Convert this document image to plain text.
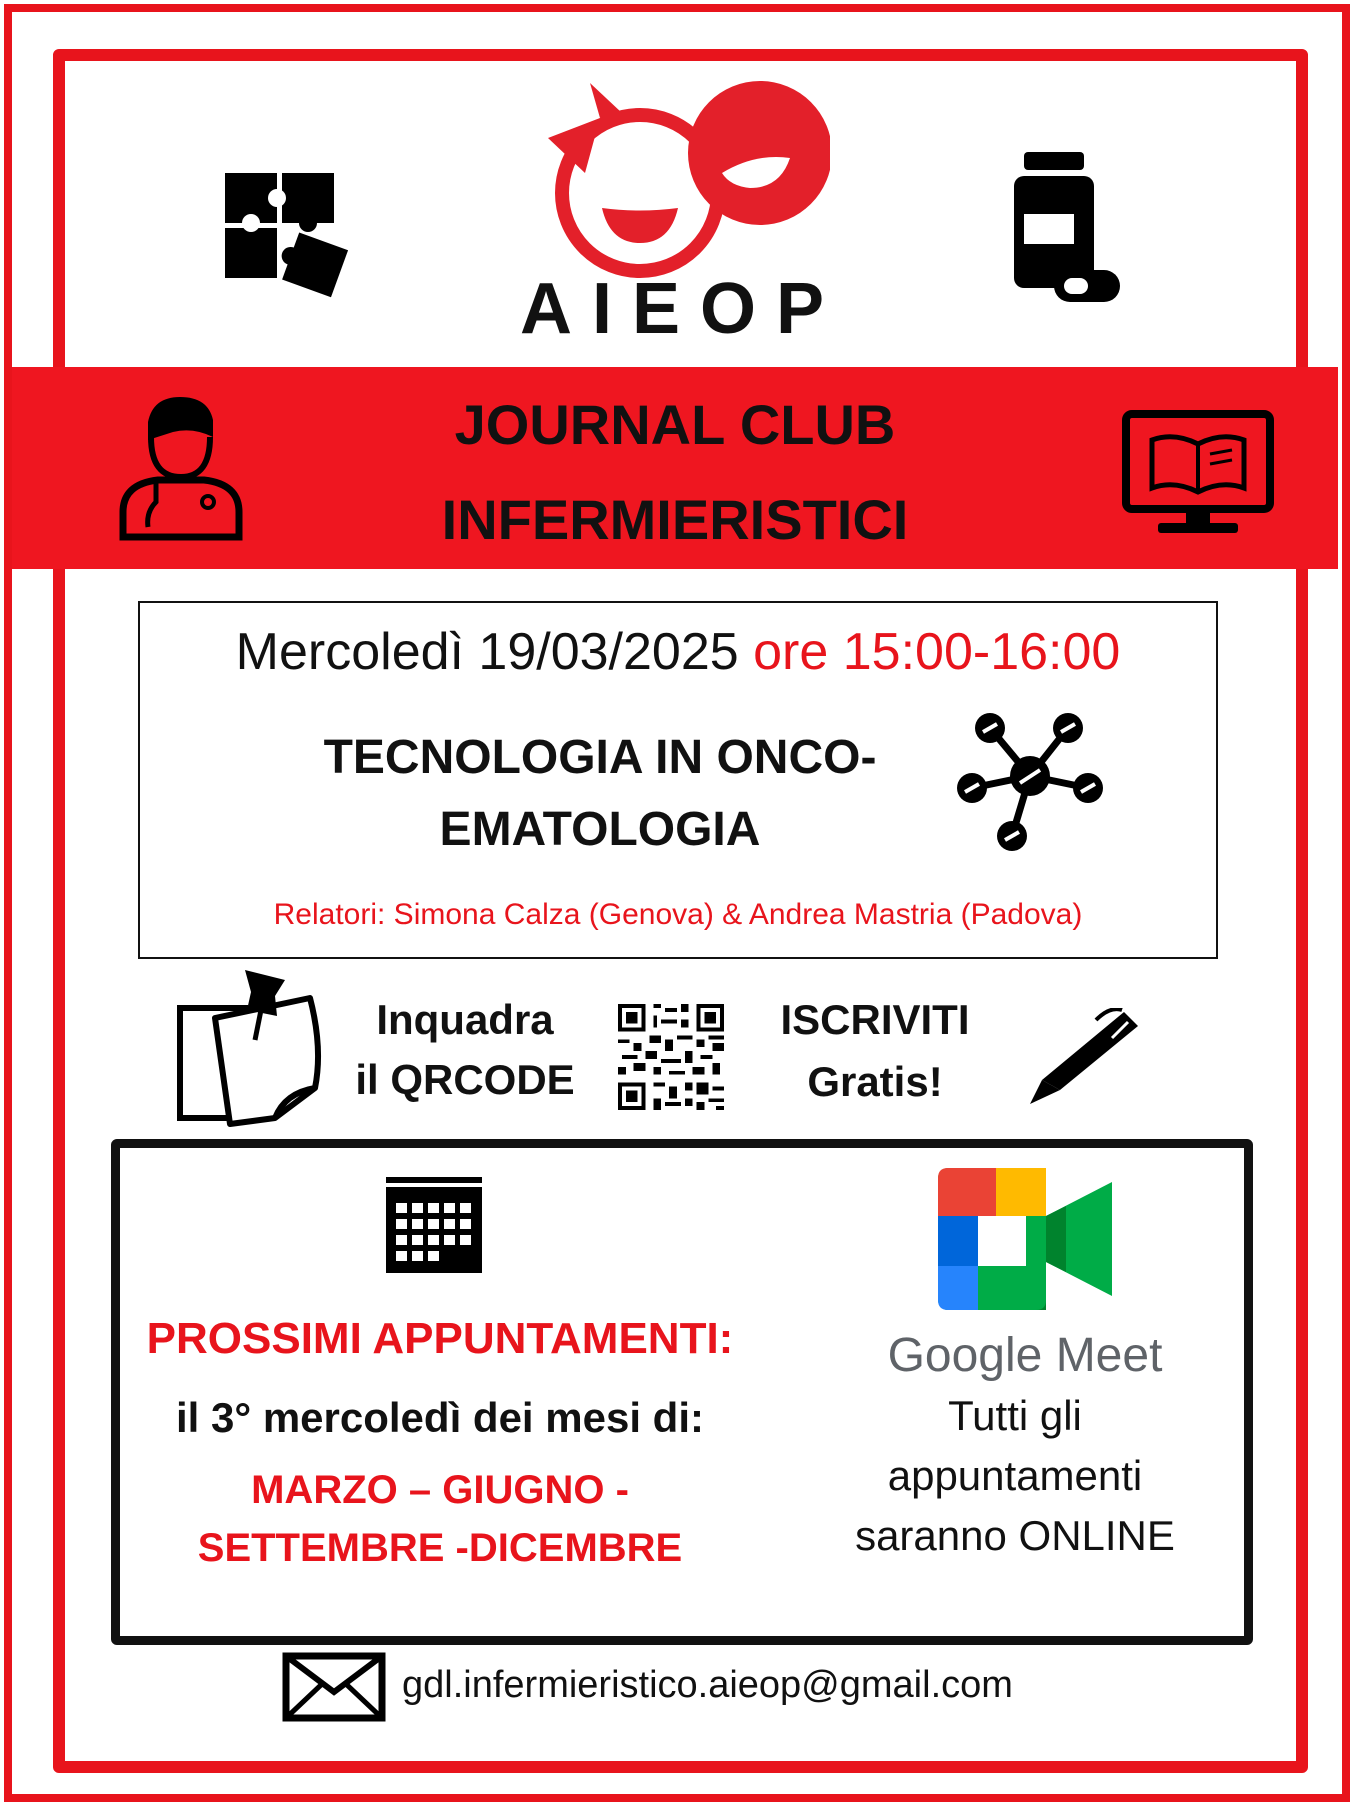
AIEOP
JOURNAL CLUB
INFERMIERISTICI
Mercoledì 19/03/2025 ore 15:00-16:00
TECNOLOGIA IN ONCO-
EMATOLOGIA
Relatori: Simona Calza (Genova) & Andrea Mastria (Padova)
Inquadra
il QRCODE
ISCRIVITI
Gratis!
PROSSIMI APPUNTAMENTI:
il 3° mercoledì dei mesi di:
MARZO – GIUGNO -
SETTEMBRE -DICEMBRE
Google Meet
Tutti gli
appuntamenti
saranno ONLINE
gdl.infermieristico.aieop@gmail.com
